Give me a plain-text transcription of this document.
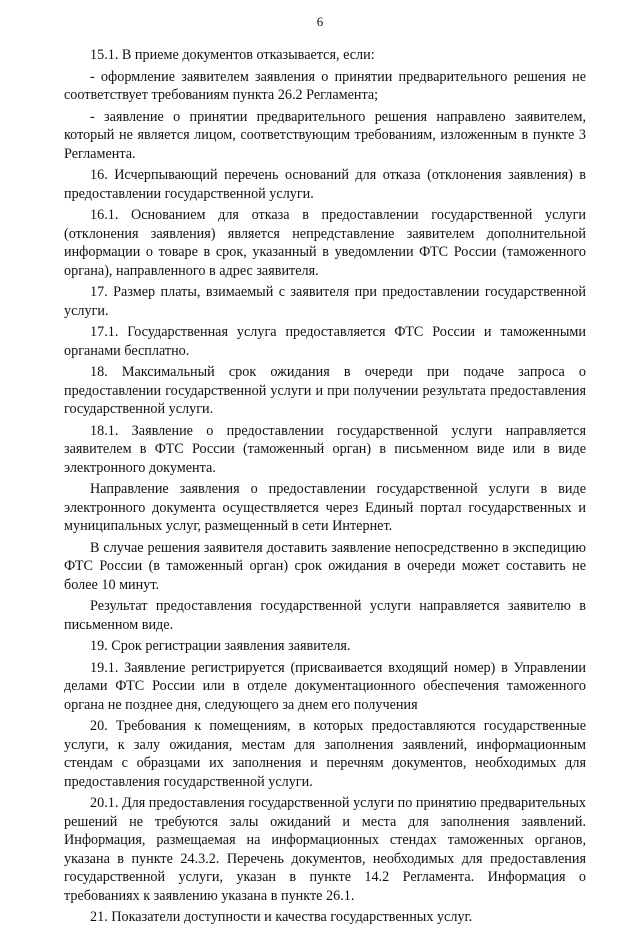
6

15.1. В приеме документов отказывается, если:

- оформление заявителем заявления о принятии предварительного решения не соответствует требованиям пункта 26.2 Регламента;

- заявление о принятии предварительного решения направлено заявителем, который не является лицом, соответствующим требованиям, изложенным в пункте 3 Регламента.

16. Исчерпывающий перечень оснований для отказа (отклонения заявления) в предоставлении государственной услуги.

16.1. Основанием для отказа в предоставлении государственной услуги (отклонения заявления) является непредставление заявителем дополнительной информации о товаре в срок, указанный в уведомлении ФТС России (таможенного органа), направленного в адрес заявителя.

17. Размер платы, взимаемый с заявителя при предоставлении государственной услуги.

17.1. Государственная услуга предоставляется ФТС России и таможенными органами бесплатно.

18. Максимальный срок ожидания в очереди при подаче запроса о предоставлении государственной услуги и при получении результата предоставления государственной услуги.

18.1. Заявление о предоставлении государственной услуги направляется заявителем в ФТС России (таможенный орган) в письменном виде или в виде электронного документа.

Направление заявления о предоставлении государственной услуги в виде электронного документа осуществляется через Единый портал государственных и муниципальных услуг, размещенный в сети Интернет.

В случае решения заявителя доставить заявление непосредственно в экспедицию ФТС России (в таможенный орган) срок ожидания в очереди может составить не более 10 минут.

Результат предоставления государственной услуги направляется заявителю в письменном виде.

19. Срок регистрации заявления заявителя.

19.1. Заявление регистрируется (присваивается входящий номер) в Управлении делами ФТС России или в отделе документационного обеспечения таможенного органа не позднее дня, следующего за днем его получения

20. Требования к помещениям, в которых предоставляются государственные услуги, к залу ожидания, местам для заполнения заявлений, информационным стендам с образцами их заполнения и перечням документов, необходимых для предоставления государственной услуги.

20.1. Для предоставления государственной услуги по принятию предварительных решений не требуются залы ожиданий и места для заполнения заявлений. Информация, размещаемая на информационных стендах таможенных органов, указана в пункте 24.3.2. Перечень документов, необходимых для предоставления государственной услуги, указан в пункте 14.2 Регламента. Информация о требованиях к заявлению указана в пункте 26.1.

21. Показатели доступности и качества государственных услуг.
